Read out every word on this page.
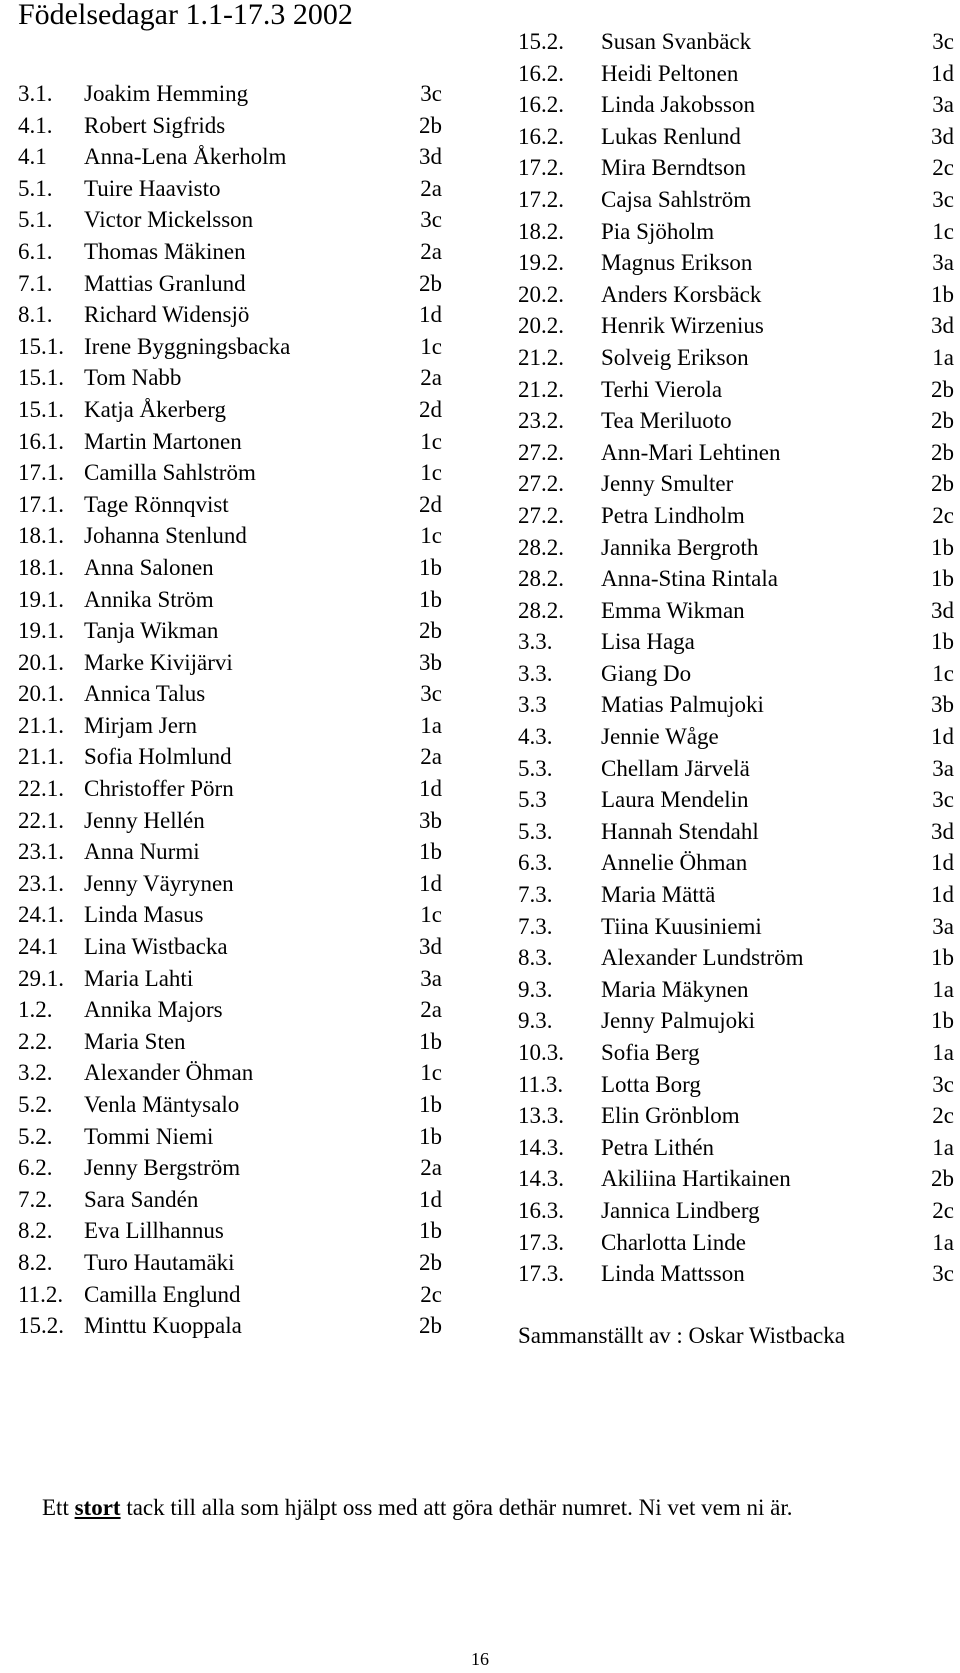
Födelsedagar 1.1-17.3 2002
3.1. Joakim Hemming	3c
4.1. Robert Sigfrids	2b
4.1 Anna-Lena Åkerholm	3d
5.1. Tuire Haavisto	2a
5.1. Victor Mickelsson	3c
6.1. Thomas Mäkinen	2a
7.1. Mattias Granlund	2b
8.1. Richard Widensjö	1d
15.1. Irene Byggningsbacka	1c
15.1. Tom Nabb	2a
15.1. Katja Åkerberg	2d
16.1. Martin Martonen	1c
17.1. Camilla Sahlström	1c
17.1. Tage Rönnqvist	2d
18.1. Johanna Stenlund	1c
18.1. Anna Salonen	1b
19.1. Annika Ström	1b
19.1. Tanja Wikman	2b
20.1. Marke Kivijärvi	3b
20.1. Annica Talus	3c
21.1. Mirjam Jern	1a
21.1. Sofia Holmlund	2a
22.1. Christoffer Pörn	1d
22.1. Jenny Hellén	3b
23.1. Anna Nurmi	1b
23.1. Jenny Väyrynen	1d
24.1. Linda Masus	1c
24.1 Lina Wistbacka	3d
29.1. Maria Lahti	3a
1.2. Annika Majors	2a
2.2. Maria Sten	1b
3.2. Alexander Öhman	1c
5.2. Venla Mäntysalo	1b
5.2. Tommi Niemi	1b
6.2. Jenny Bergström	2a
7.2. Sara Sandén	1d
8.2. Eva Lillhannus	1b
8.2. Turo Hautamäki	2b
11.2. Camilla Englund	2c
15.2. Minttu Kuoppala	2b
15.2. Susan Svanbäck	3c
16.2. Heidi Peltonen	1d
16.2. Linda Jakobsson	3a
16.2. Lukas Renlund	3d
17.2. Mira Berndtson	2c
17.2. Cajsa Sahlström	3c
18.2. Pia Sjöholm	1c
19.2. Magnus Erikson	3a
20.2. Anders Korsbäck	1b
20.2. Henrik Wirzenius	3d
21.2. Solveig Erikson	1a
21.2. Terhi Vierola	2b
23.2. Tea Meriluoto	2b
27.2. Ann-Mari Lehtinen	2b
27.2. Jenny Smulter	2b
27.2. Petra Lindholm	2c
28.2. Jannika Bergroth	1b
28.2. Anna-Stina Rintala	1b
28.2. Emma Wikman	3d
3.3. Lisa Haga	1b
3.3. Giang Do	1c
3.3 Matias Palmujoki	3b
4.3. Jennie Wåge	1d
5.3. Chellam Järvelä	3a
5.3 Laura Mendelin	3c
5.3. Hannah Stendahl	3d
6.3. Annelie Öhman	1d
7.3. Maria Mättä	1d
7.3. Tiina Kuusiniemi	3a
8.3. Alexander Lundström	1b
9.3. Maria Mäkynen	1a
9.3. Jenny Palmujoki	1b
10.3. Sofia Berg	1a
11.3. Lotta Borg	3c
13.3. Elin Grönblom	2c
14.3. Petra Lithén	1a
14.3. Akiliina Hartikainen	2b
16.3. Jannica Lindberg	2c
17.3. Charlotta Linde	1a
17.3. Linda Mattsson	3c
Sammanställt av : Oskar Wistbacka
Ett stort tack till alla som hjälpt oss med att göra dethär numret. Ni vet vem ni är.
16
